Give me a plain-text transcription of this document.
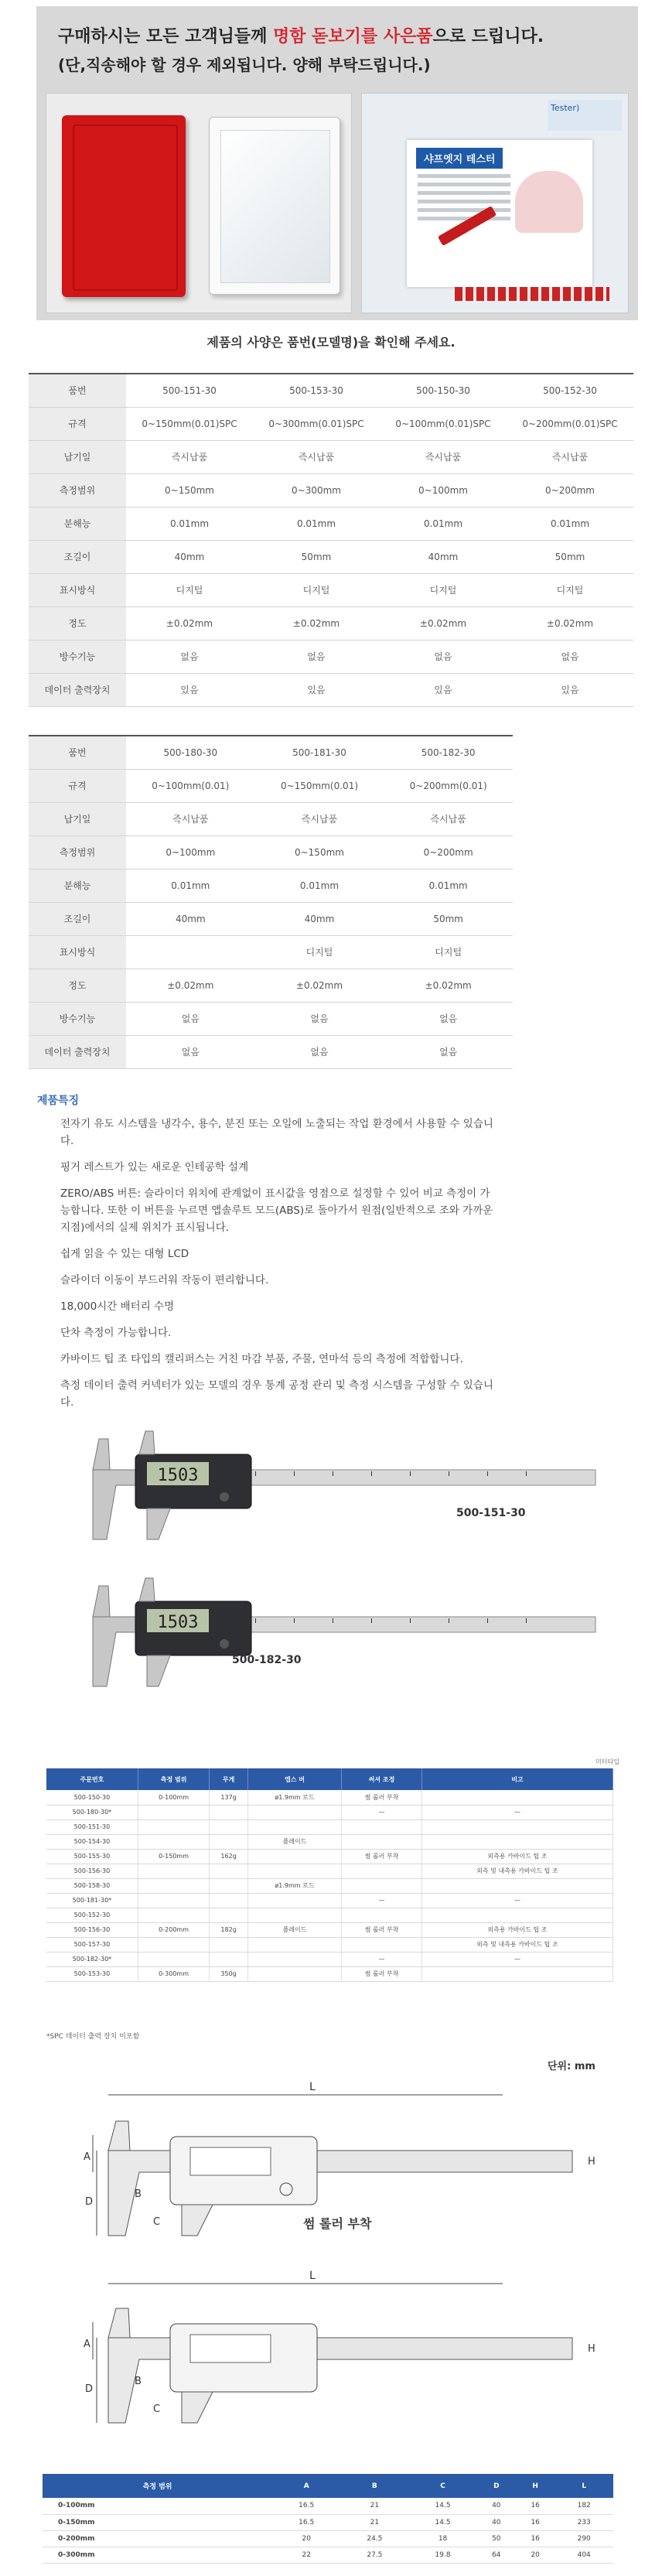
구매하시는 모든 고객님들께 명함 돋보기를 사은품으로 드립니다.
(단,직송해야 할 경우 제외됩니다. 양해 부탁드립니다.)
Tester)
샤프엣지 테스터
제품의 사양은 품번(모델명)을 확인해 주세요.
품번	500-151-30	500-153-30	500-150-30	500-152-30
규격	0~150mm(0.01)SPC	0~300mm(0.01)SPC	0~100mm(0.01)SPC	0~200mm(0.01)SPC
납기일	즉시납품	즉시납품	즉시납품	즉시납품
측정범위	0~150mm	0~300mm	0~100mm	0~200mm
분해능	0.01mm	0.01mm	0.01mm	0.01mm
조길이	40mm	50mm	40mm	50mm
표시방식	디지털	디지털	디지털	디지털
정도	±0.02mm	±0.02mm	±0.02mm	±0.02mm
방수기능	없음	없음	없음	없음
데이터 출력장치	있음	있음	있음	있음
품번	500-180-30	500-181-30	500-182-30
규격	0~100mm(0.01)	0~150mm(0.01)	0~200mm(0.01)
납기일	즉시납품	즉시납품	즉시납품
측정범위	0~100mm	0~150mm	0~200mm
분해능	0.01mm	0.01mm	0.01mm
조길이	40mm	40mm	50mm
표시방식		디지털	디지털
정도	±0.02mm	±0.02mm	±0.02mm
방수기능	없음	없음	없음
데이터 출력장치	없음	없음	없음
제품특징

전자기 유도 시스템을 냉각수, 용수, 분진 또는 오일에 노출되는 작업 환경에서 사용할 수 있습니다.

핑거 레스트가 있는 새로운 인테공학 설계

ZERO/ABS 버튼: 슬라이더 위치에 관계없이 표시값을 영점으로 설정할 수 있어 비교 측정이 가능합니다. 또한 이 버튼을 누르면 앱솔루트 모드(ABS)로 돌아가서 원점(일반적으로 조와 가까운 지점)에서의 실제 위치가 표시됩니다.

쉽게 읽을 수 있는 대형 LCD

슬라이더 이동이 부드러워 작동이 편리합니다.

18,000시간 배터리 수명

단차 측정이 가능합니다.

카바이드 팁 조 타입의 캘리퍼스는 거친 마감 부품, 주물, 연마석 등의 측정에 적합합니다.

측정 데이터 출력 커넥터가 있는 모델의 경우 통계 공정 관리 및 측정 시스템을 구성할 수 있습니다.

1503
500-151-30
1503
500-182-30
미터타입
주문번호	측정 범위	무게	엡스 버	써셔 조정	비고
500-150-30	0-100mm	137g	ø1.9mm 로드	썸 롤러 부착	
500-180-30*				—	—
500-151-30					
500-154-30			플레이드		
500-155-30	0-150mm	162g		썸 롤러 부착	외측용 카바이드 팁 조
500-156-30					외측 및 내측용 카바이드 팁 조
500-158-30			ø1.9mm 로드		
500-181-30*				—	—
500-152-30					
500-156-30	0-200mm	182g	플레이드	썸 롤러 부착	외측용 카바이드 팁 조
500-157-30					외측 및 내측용 카바이드 팁 조
500-182-30*				—	—
500-153-30	0-300mm	350g		썸 롤러 부착	
*SPC 데이터 출력 장치 미포함
단위: mm
L
A
D
B
C
H
썸 롤러 부착
L
A
D
B
C
H
측정 범위	A	B	C	D	H	L
0-100mm	16.5	21	14.5	40	16	182
0-150mm	16.5	21	14.5	40	16	233
0-200mm	20	24.5	18	50	16	290
0-300mm	22	27.5	19.8	64	20	404
